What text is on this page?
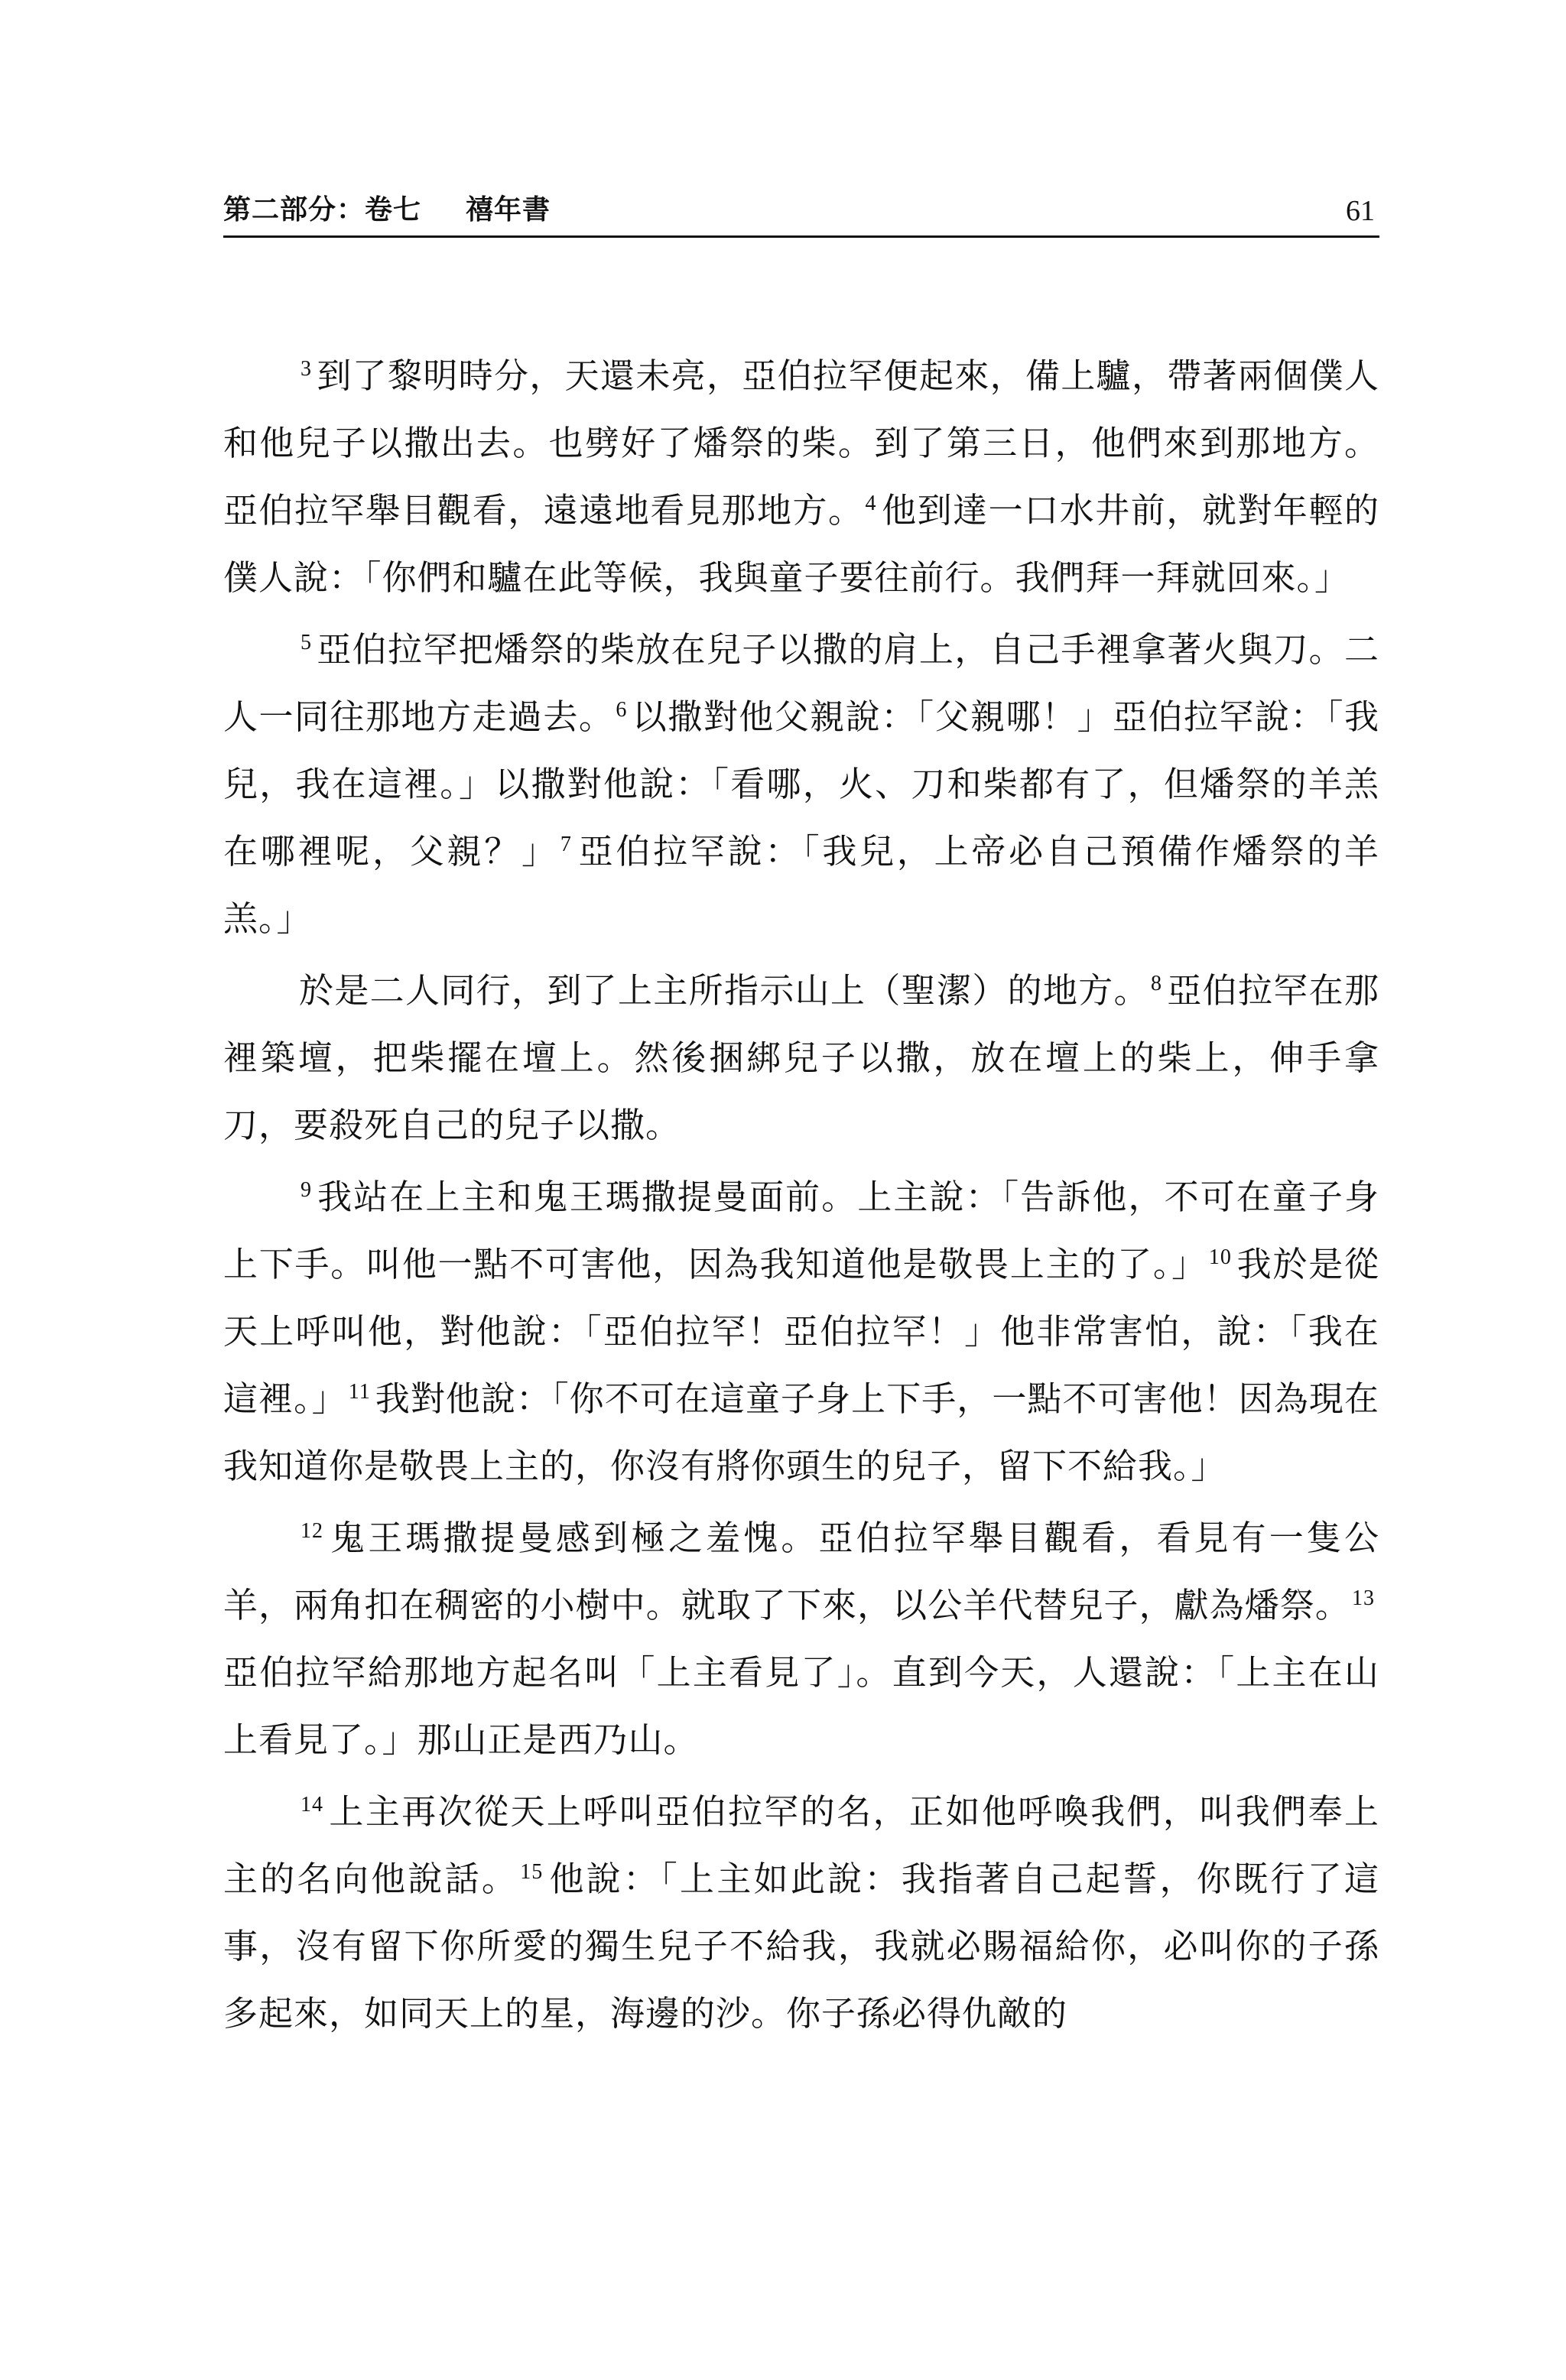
第二部分：卷七 禧年書	61

$^3$ 到了黎明時分，天還未亮，亞伯拉罕便起來，備上驢，帶著兩個僕人和他兒子以撒出去。也劈好了燔祭的柴。到了第三日，他們來到那地方。亞伯拉罕舉目觀看，遠遠地看見那地方。$^4$ 他到達一口水井前，就對年輕的僕人說：「你們和驢在此等候，我與童子要往前行。我們拜一拜就回來。」

$^5$ 亞伯拉罕把燔祭的柴放在兒子以撒的肩上，自己手裡拿著火與刀。二人一同往那地方走過去。$^6$ 以撒對他父親說：「父親哪！」亞伯拉罕說：「我兒，我在這裡。」以撒對他說：「看哪，火、刀和柴都有了，但燔祭的羊羔在哪裡呢，父親？」$^7$ 亞伯拉罕說：「我兒，上帝必自己預備作燔祭的羊羔。」

於是二人同行，到了上主所指示山上（聖潔）的地方。$^8$ 亞伯拉罕在那裡築壇，把柴擺在壇上。然後捆綁兒子以撒，放在壇上的柴上，伸手拿刀，要殺死自己的兒子以撒。

$^9$ 我站在上主和鬼王瑪撒提曼面前。上主說：「告訴他，不可在童子身上下手。叫他一點不可害他，因為我知道他是敬畏上主的了。」$^{10}$ 我於是從天上呼叫他，對他說：「亞伯拉罕！亞伯拉罕！」他非常害怕，說：「我在這裡。」$^{11}$ 我對他說：「你不可在這童子身上下手，一點不可害他！因為現在我知道你是敬畏上主的，你沒有將你頭生的兒子，留下不給我。」

$^{12}$ 鬼王瑪撒提曼感到極之羞愧。亞伯拉罕舉目觀看，看見有一隻公羊，兩角扣在稠密的小樹中。就取了下來，以公羊代替兒子，獻為燔祭。$^{13}$亞伯拉罕給那地方起名叫「上主看見了」。直到今天，人還說：「上主在山上看見了。」那山正是西乃山。

$^{14}$ 上主再次從天上呼叫亞伯拉罕的名，正如他呼喚我們，叫我們奉上主的名向他說話。$^{15}$ 他說：「上主如此說：我指著自己起誓，你既行了這事，沒有留下你所愛的獨生兒子不給我，我就必賜福給你，必叫你的子孫多起來，如同天上的星，海邊的沙。你子孫必得仇敵的
